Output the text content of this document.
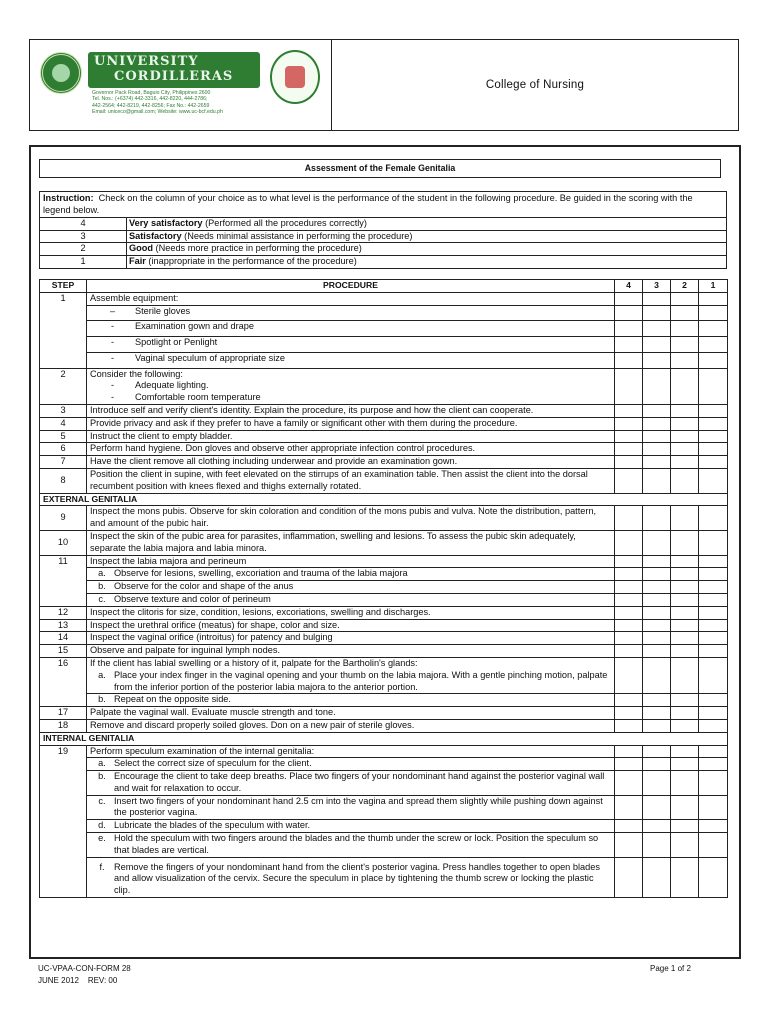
UNIVERSITY
CORDILLERAS
Governor Pack Road, Baguio City, Philippines 2600
Tel. Nos.: (+6374) 442-3316, 442-8220, 444-2786;
442-2564; 442-8219, 442-8256; Fax No.: 442-2659
Email: uniceco@gmail.com; Website: www.uc-bcf.edu.ph
College of Nursing
Assessment of the Female Genitalia
Instruction: Check on the column of your choice as to what level is the performance of the student in the following procedure. Be guided in the scoring with the legend below.
4	Very satisfactory (Performed all the procedures correctly)
3	Satisfactory (Needs minimal assistance in performing the procedure)
2	Good (Needs more practice in performing the procedure)
1	Fair (inappropriate in the performance of the procedure)
STEP	PROCEDURE	4	3	2	1
1	Assemble equipment:				

	– Sterile gloves				

	- Examination gown and drape				

	- Spotlight or Penlight				

	- Vaginal speculum of appropriate size				

2	Consider the following:
- Adequate lighting.
- Comfortable room temperature				

3	Introduce self and verify client's identity. Explain the procedure, its purpose and how the client can cooperate.				
4	Provide privacy and ask if they prefer to have a family or significant other with them during the procedure.				
5	Instruct the client to empty bladder.				
6	Perform hand hygiene. Don gloves and observe other appropriate infection control procedures.				
7	Have the client remove all clothing including underwear and provide an examination gown.				
8	Position the client in supine, with feet elevated on the stirrups of an examination table. Then assist the client into the dorsal recumbent position with knees flexed and thighs externally rotated.				
EXTERNAL GENITALIA					
9	Inspect the mons pubis. Observe for skin coloration and condition of the mons pubis and vulva. Note the distribution, pattern, and amount of the pubic hair.				
10	Inspect the skin of the pubic area for parasites, inflammation, swelling and lesions. To assess the pubic skin adequately, separate the labia majora and labia minora.				
11	Inspect the labia majora and perineum				

	a. Observe for lesions, swelling, excoriation and trauma of the labia majora				

	b. Observe for the color and shape of the anus				

	c. Observe texture and color of perineum				

12	Inspect the clitoris for size, condition, lesions, excoriations, swelling and discharges.				
13	Inspect the urethral orifice (meatus) for shape, color and size.				
14	Inspect the vaginal orifice (introitus) for patency and bulging				
15	Observe and palpate for inguinal lymph nodes.				
16	If the client has labial swelling or a history of it, palpate for the Bartholin's glands:
a. Place your index finger in the vaginal opening and your thumb on the labia majora. With a gentle pinching motion, palpate from the inferior portion of the posterior labia majora to the anterior portion.				

	b. Repeat on the opposite side.				

17	Palpate the vaginal wall. Evaluate muscle strength and tone.				
18	Remove and discard properly soiled gloves. Don on a new pair of sterile gloves.				
INTERNAL GENITALIA					
19	Perform speculum examination of the internal genitalia:				

	a. Select the correct size of speculum for the client.				

	b. Encourage the client to take deep breaths. Place two fingers of your nondominant hand against the posterior vaginal wall and wait for relaxation to occur.				

	c. Insert two fingers of your nondominant hand 2.5 cm into the vagina and spread them slightly while pushing down against the posterior vagina.				

	d. Lubricate the blades of the speculum with water.				

	e. Hold the speculum with two fingers around the blades and the thumb under the screw or lock. Position the speculum so that blades are vertical.				

	f. Remove the fingers of your nondominant hand from the client's posterior vagina. Press handles together to open blades and allow visualization of the cervix. Secure the speculum in place by tightening the thumb screw or locking the plastic clip.				

UC-VPAA-CON-FORM 28
JUNE 2012 REV: 00
Page 1 of 2
